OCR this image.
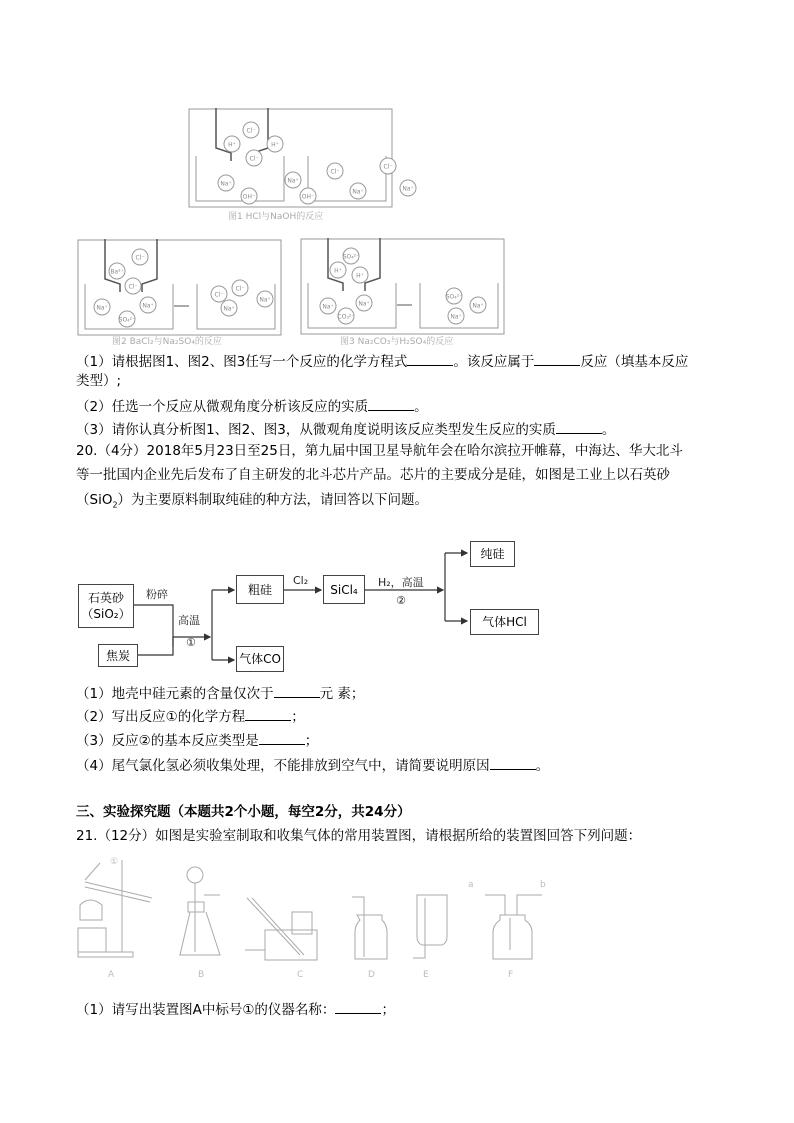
Cl⁻
H⁺	H⁺
Cl⁻
Na⁺	Na⁺
OH⁻	OH⁻
Cl⁻
Cl⁻
Na⁺	Na⁺
图1 HCl与NaOH的反应
Cl⁻
Ba²⁺
Cl⁻
Na⁺	Na⁺
SO₄²⁻
Cl⁻
Cl⁻
Na⁺
Na⁺
图2 BaCl₂与Na₂SO₄的反应
SO₄²⁻
H⁺
H⁺
Na⁺	Na⁺
CO₃²⁻
SO₄²⁻
Na⁺
Na⁺
图3 Na₂CO₃与H₂SO₄的反应
（1）请根据图1、图2、图3任写一个反应的化学方程式	。该反应属于	反应（填基本反应
类型）;
（2）任选一个反应从微观角度分析该反应的实质	。
（3）请你认真分析图1、图2、图3，从微观角度说明该反应类型发生反应的实质	。
20.（4分）2018年5月23日至25日，第九届中国卫星导航年会在哈尔滨拉开帷幕，中海达、华大北斗
等一批国内企业先后发布了自主研发的北斗芯片产品。芯片的主要成分是硅，如图是工业上以石英砂
（SiO$_2$）为主要原料制取纯硅的种方法，请回答以下问题。
石英砂
（SiO₂）
焦炭
粉碎
高温
①
粗硅
Cl₂
SiCl₄	H₂，高温
②
纯硅
气体HCl
气体CO
（1）地壳中硅元素的含量仅次于	元 素；
（2）写出反应①的化学方程	；
（3）反应②的基本反应类型是	；
（4）尾气氯化氢必须收集处理，不能排放到空气中，请简要说明原因	。
三、实验探究题（本题共2个小题，每空2分，共24分）
21.（12分）如图是实验室制取和收集气体的常用装置图，请根据所给的装置图回答下列问题：
①
a	b
A	B	C	D	E	F
（1）请写出装置图A中标号①的仪器名称：	；
